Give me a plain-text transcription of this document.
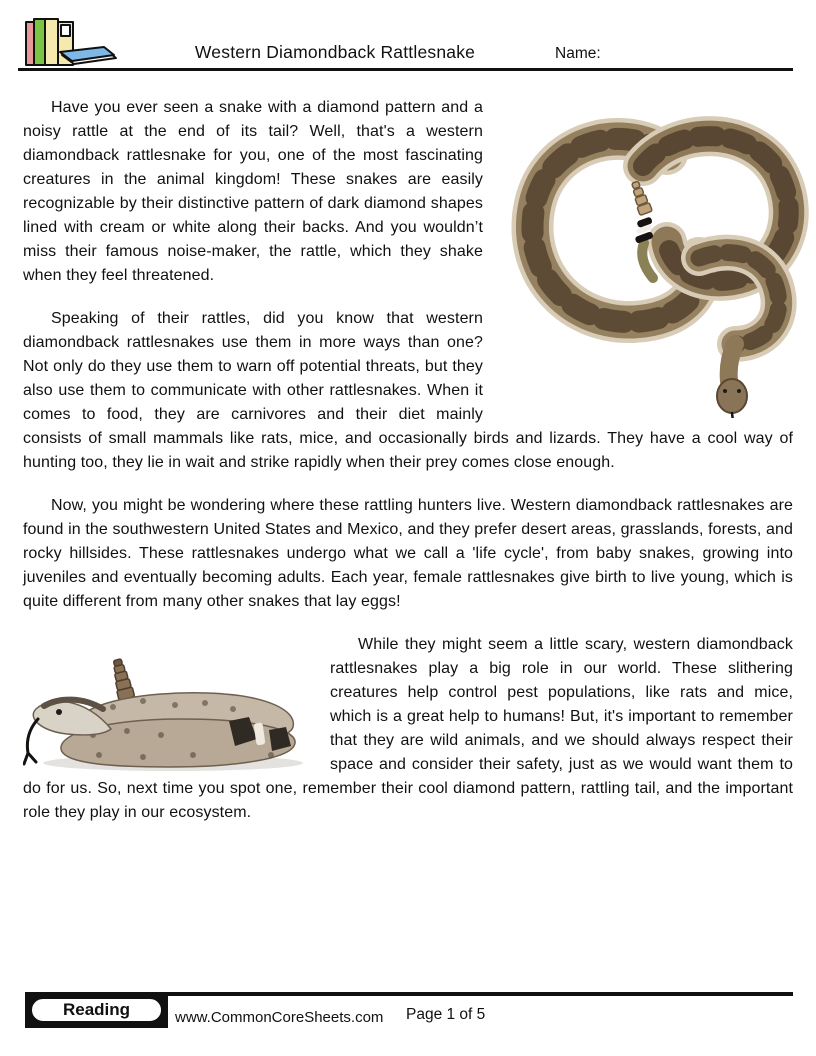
Western Diamondback Rattlesnake	Name:

Have you ever seen a snake with a diamond pattern and a noisy rattle at the end of its tail? Well, that's a western diamondback rattlesnake for you, one of the most fascinating creatures in the animal kingdom! These snakes are easily recognizable by their distinctive pattern of dark diamond shapes lined with cream or white along their backs. And you wouldn’t miss their famous noise-maker, the rattle, which they shake when they feel threatened.

Speaking of their rattles, did you know that western diamondback rattlesnakes use them in more ways than one? Not only do they use them to warn off potential threats, but they also use them to communicate with other rattlesnakes. When it comes to food, they are carnivores and their diet mainly consists of small mammals like rats, mice, and occasionally birds and lizards. They have a cool way of hunting too, they lie in wait and strike rapidly when their prey comes close enough.

Now, you might be wondering where these rattling hunters live. Western diamondback rattlesnakes are found in the southwestern United States and Mexico, and they prefer desert areas, grasslands, forests, and rocky hillsides. These rattlesnakes undergo what we call a 'life cycle', from baby snakes, growing into juveniles and eventually becoming adults. Each year, female rattlesnakes give birth to live young, which is quite different from many other snakes that lay eggs!

While they might seem a little scary, western diamondback rattlesnakes play a big role in our world. These slithering creatures help control pest populations, like rats and mice, which is a great help to humans! But, it's important to remember that they are wild animals, and we should always respect their space and consider their safety, just as we would want them to do for us. So, next time you spot one, remember their cool diamond pattern, rattling tail, and the important role they play in our ecosystem.

Reading	www.CommonCoreSheets.com Page 1 of 5
